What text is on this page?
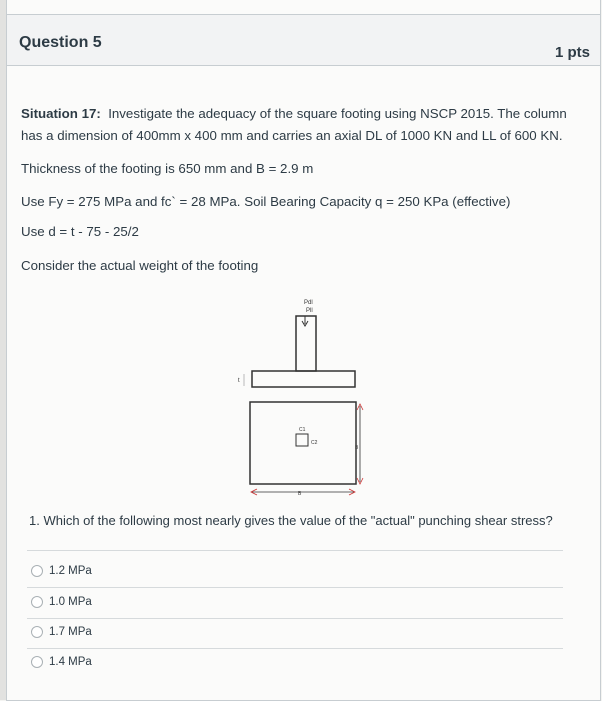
Question 5
1 pts
Situation 17: Investigate the adequacy of the square footing using NSCP 2015. The column
has a dimension of 400mm x 400 mm and carries an axial DL of 1000 KN and LL of 600 KN.
Thickness of the footing is 650 mm and B = 2.9 m
Use Fy = 275 MPa and fc` = 28 MPa. Soil Bearing Capacity q = 250 KPa (effective)
Use d = t - 75 - 25/2
Consider the actual weight of the footing
Pdl
Pll
t
C1
C2
B
B
1. Which of the following most nearly gives the value of the "actual" punching shear stress?
1.2 MPa
1.0 MPa
1.7 MPa
1.4 MPa
